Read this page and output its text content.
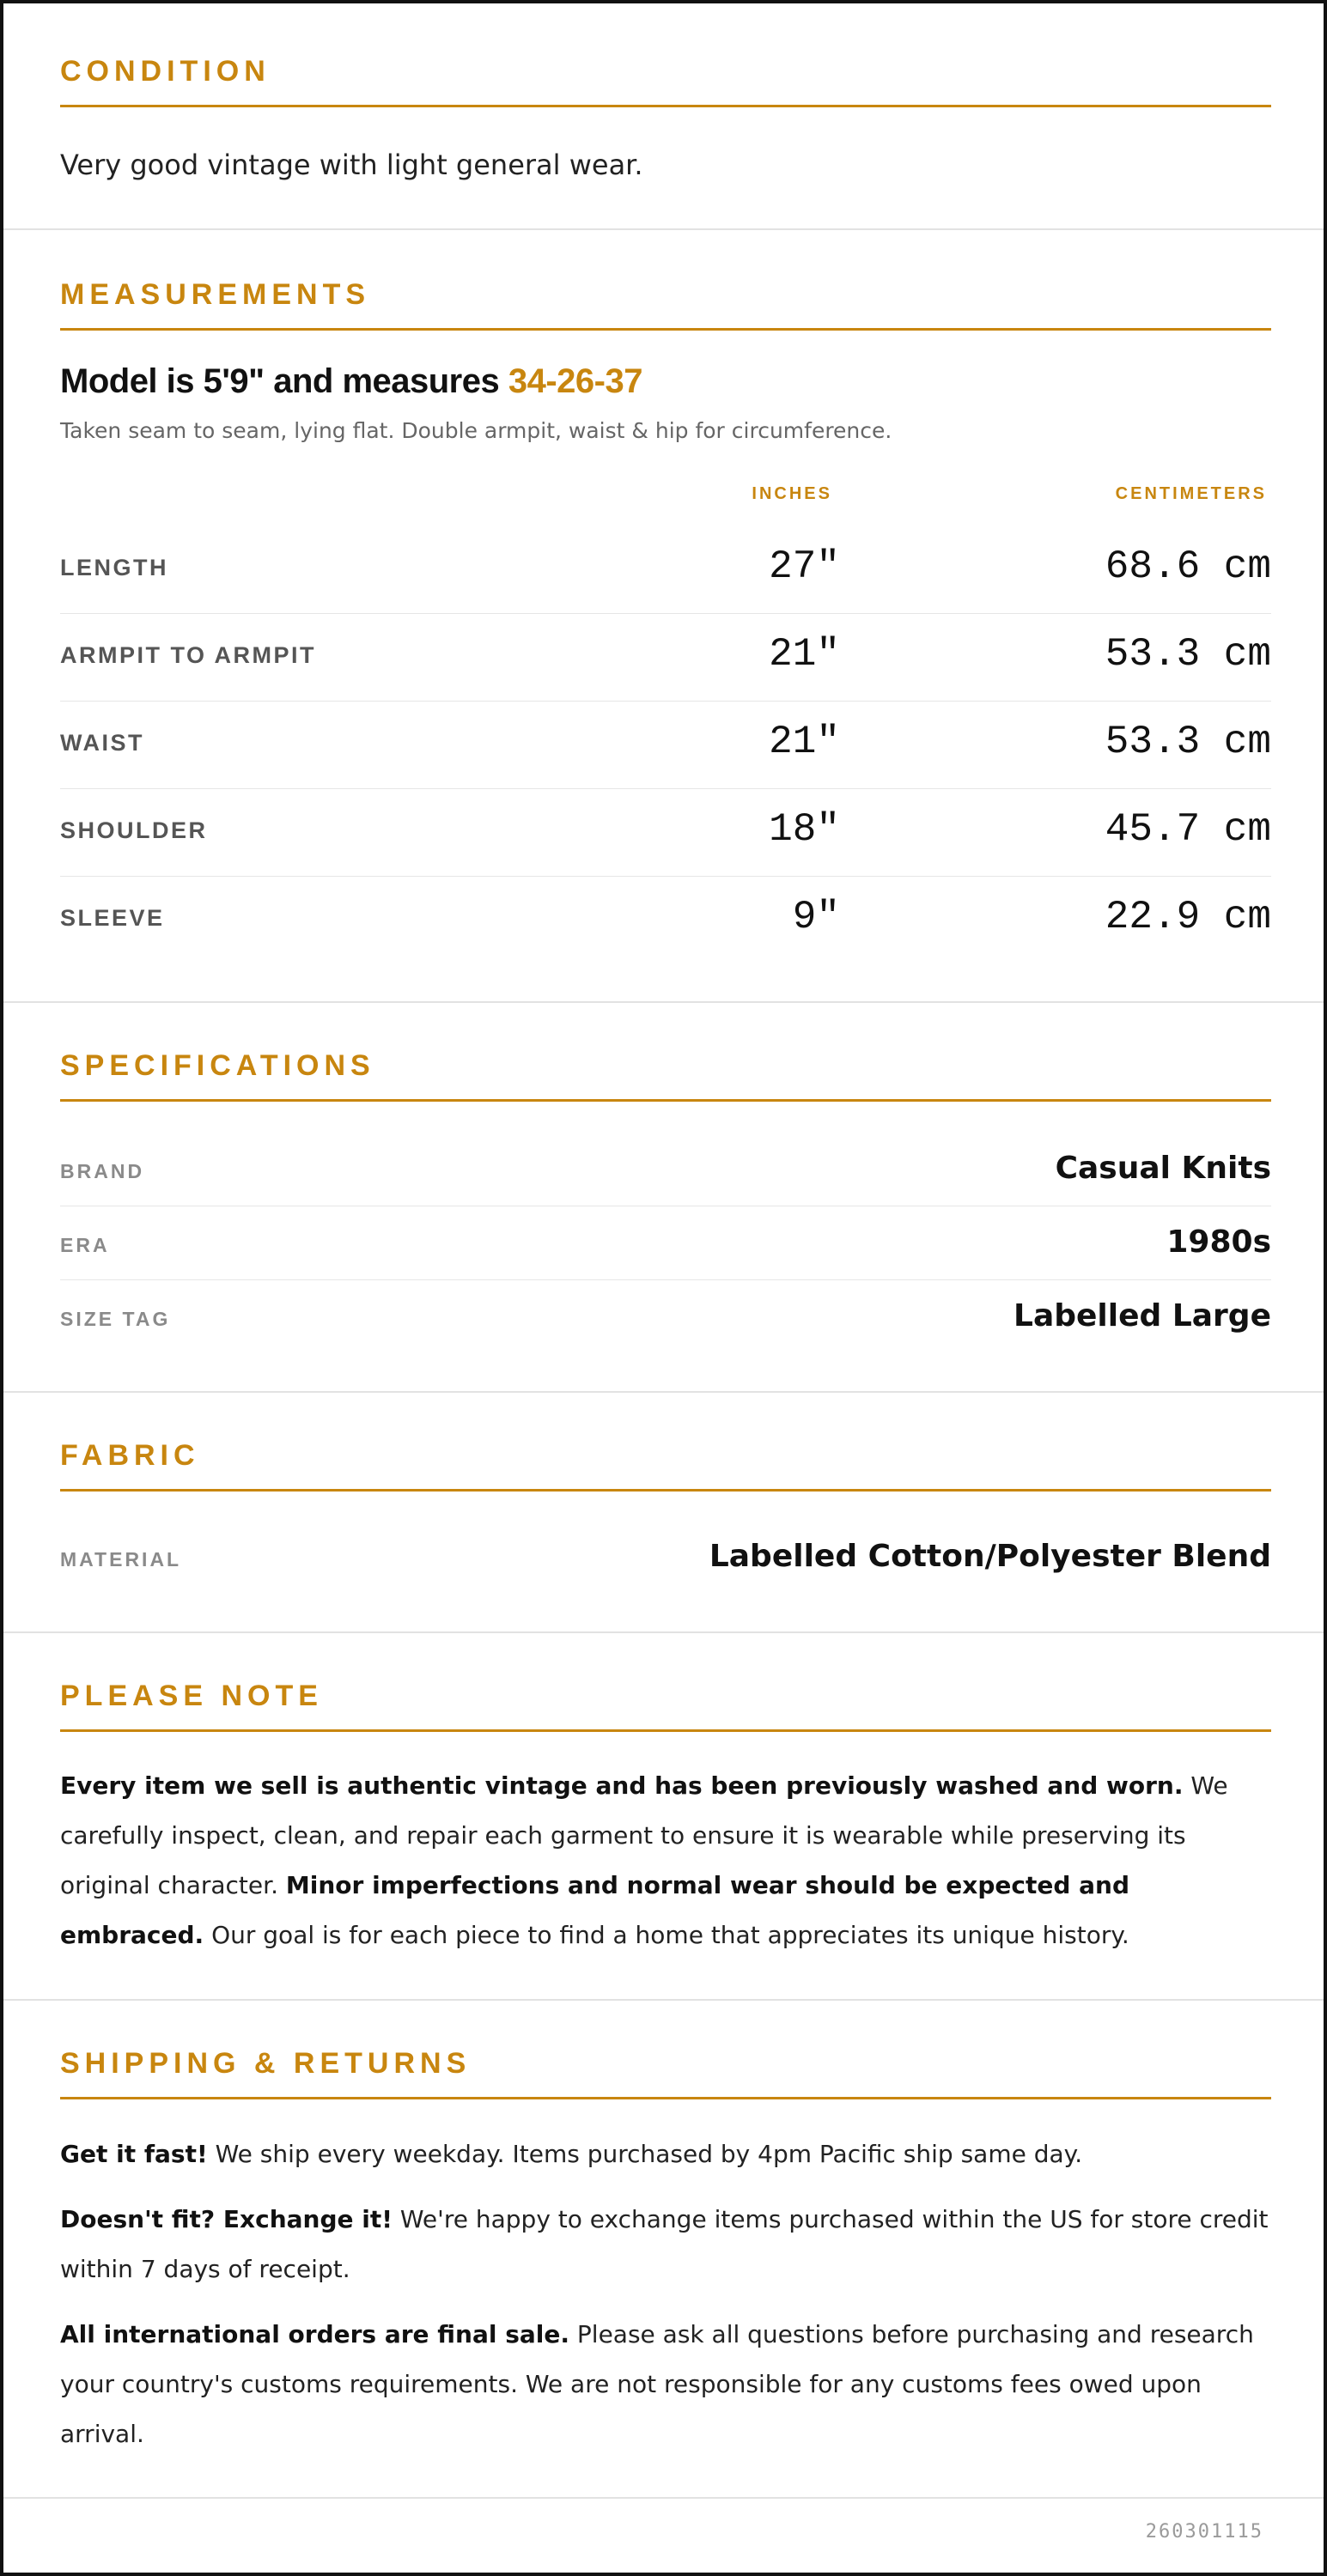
CONDITION
Very good vintage with light general wear.
MEASUREMENTS
Model is 5'9" and measures 34-26-37
Taken seam to seam, lying flat. Double armpit, waist & hip for circumference.
INCHES	CENTIMETERS
LENGTH	27"	68.6 cm
ARMPIT TO ARMPIT	21"	53.3 cm
WAIST	21"	53.3 cm
SHOULDER	18"	45.7 cm
SLEEVE	9"	22.9 cm
SPECIFICATIONS
BRAND	Casual Knits
ERA	1980s
SIZE TAG	Labelled Large
FABRIC
MATERIAL	Labelled Cotton/Polyester Blend
PLEASE NOTE
Every item we sell is authentic vintage and has been previously washed and worn. We carefully inspect, clean, and repair each garment to ensure it is wearable while preserving its original character. Minor imperfections and normal wear should be expected and embraced. Our goal is for each piece to find a home that appreciates its unique history.
SHIPPING & RETURNS
Get it fast! We ship every weekday. Items purchased by 4pm Pacific ship same day.
Doesn't fit? Exchange it! We're happy to exchange items purchased within the US for store credit within 7 days of receipt.
All international orders are final sale. Please ask all questions before purchasing and research your country's customs requirements. We are not responsible for any customs fees owed upon arrival.
260301115
